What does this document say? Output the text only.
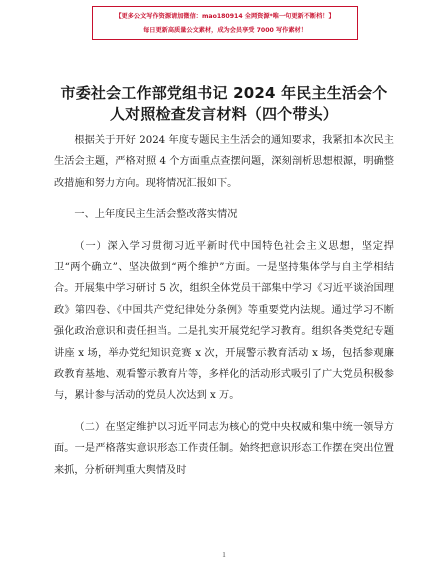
【更多公文写作资源请加微信：mao180914 全网资源*唯一句更新不断档！】
每日更新高质量公文素材，成为会员享受 7000 写作素材！
市委社会工作部党组书记 2024 年民主生活会个
人对照检查发言材料（四个带头）

根据关于开好 2024 年度专题民主生活会的通知要求，我紧扣本次民主生活会主题，严格对照 4 个方面重点查摆问题，深刻剖析思想根源，明确整改措施和努力方向。现将情况汇报如下。

一、上年度民主生活会整改落实情况

（一）深入学习贯彻习近平新时代中国特色社会主义思想，坚定捍卫“两个确立”、坚决做到“两个维护”方面。一是坚持集体学与自主学相结合。开展集中学习研讨 5 次，组织全体党员干部集中学习《习近平谈治国理政》第四卷、《中国共产党纪律处分条例》等重要党内法规。通过学习不断强化政治意识和责任担当。二是扎实开展党纪学习教育。组织各类党纪专题讲座 x 场，举办党纪知识竞赛 x 次，开展警示教育活动 x 场，包括参观廉政教育基地、观看警示教育片等，多样化的活动形式吸引了广大党员积极参与，累计参与活动的党员人次达到 x 万。

（二）在坚定维护以习近平同志为核心的党中央权威和集中统一领导方面。一是严格落实意识形态工作责任制。始终把意识形态工作摆在突出位置来抓，分析研判重大舆情及时

1
